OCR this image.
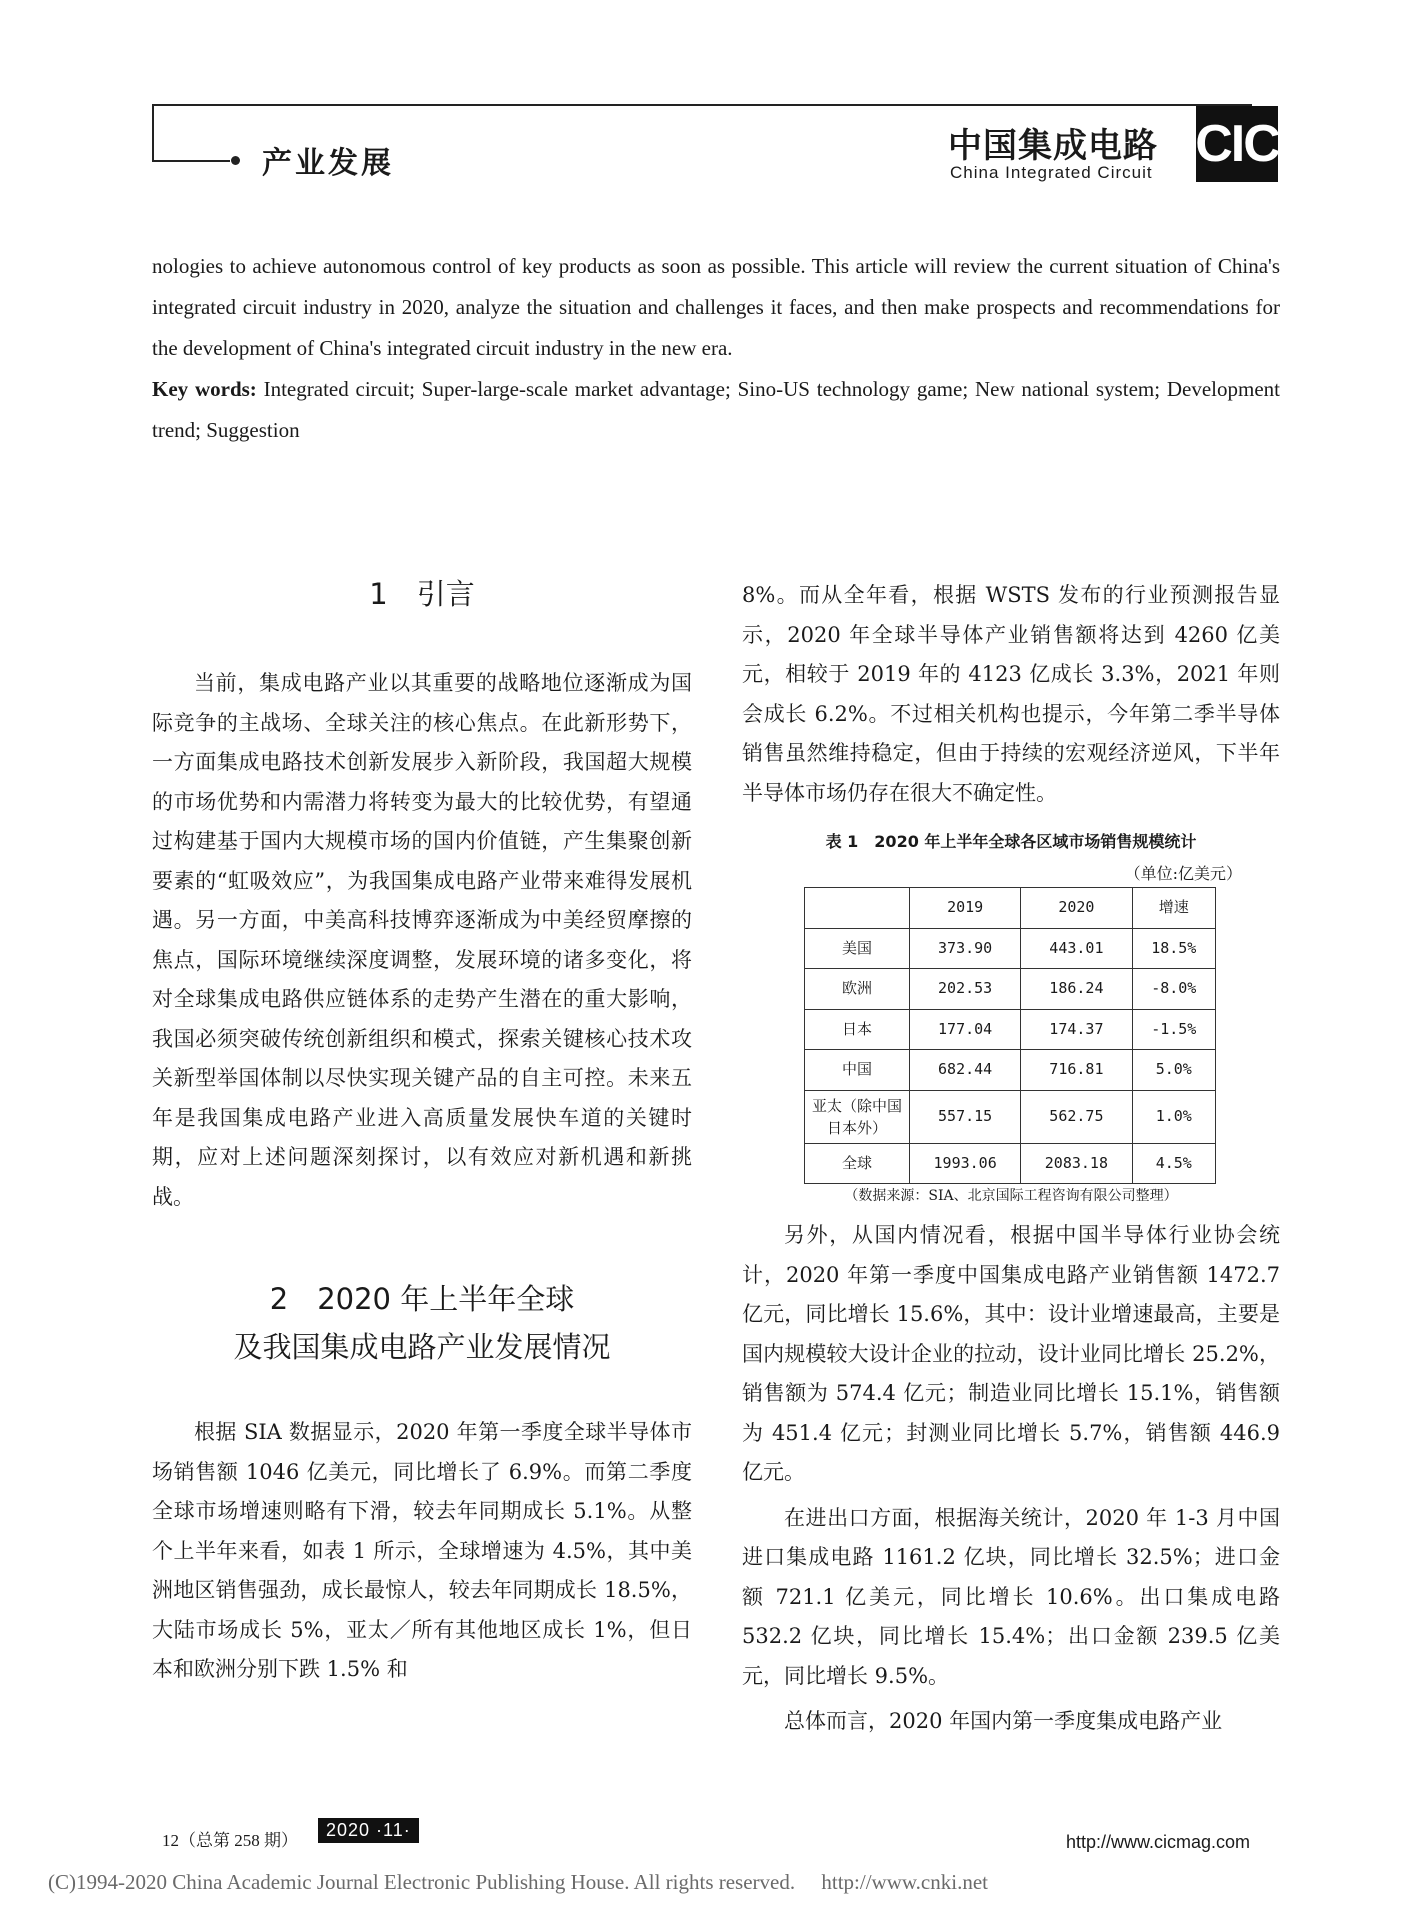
产业发展	中国集成电路
China Integrated Circuit CIC

nologies to achieve autonomous control of key products as soon as possible. This article will review the current situation of China's integrated circuit industry in 2020, analyze the situation and challenges it faces, and then make prospects and recommendations for the development of China's integrated circuit industry in the new era.

Key words: Integrated circuit; Super-large-scale market advantage; Sino-US technology game; New national system; Development trend; Suggestion

1　引言

当前，集成电路产业以其重要的战略地位逐渐成为国际竞争的主战场、全球关注的核心焦点。在此新形势下，一方面集成电路技术创新发展步入新阶段，我国超大规模的市场优势和内需潜力将转变为最大的比较优势，有望通过构建基于国内大规模市场的国内价值链，产生集聚创新要素的“虹吸效应”，为我国集成电路产业带来难得发展机遇。另一方面，中美高科技博弈逐渐成为中美经贸摩擦的焦点，国际环境继续深度调整，发展环境的诸多变化，将对全球集成电路供应链体系的走势产生潜在的重大影响，我国必须突破传统创新组织和模式，探索关键核心技术攻关新型举国体制以尽快实现关键产品的自主可控。未来五年是我国集成电路产业进入高质量发展快车道的关键时期，应对上述问题深刻探讨，以有效应对新机遇和新挑战。

2　2020 年上半年全球

及我国集成电路产业发展情况

根据 SIA 数据显示，2020 年第一季度全球半导体市场销售额 1046 亿美元，同比增长了 6.9%。而第二季度全球市场增速则略有下滑，较去年同期成长 5.1%。从整个上半年来看，如表 1 所示，全球增速为 4.5%，其中美洲地区销售强劲，成长最惊人，较去年同期成长 18.5%，大陆市场成长 5%，亚太／所有其他地区成长 1%，但日本和欧洲分别下跌 1.5% 和

8%。而从全年看，根据 WSTS 发布的行业预测报告显示，2020 年全球半导体产业销售额将达到 4260 亿美元，相较于 2019 年的 4123 亿成长 3.3%，2021 年则会成长 6.2%。不过相关机构也提示，今年第二季半导体销售虽然维持稳定，但由于持续的宏观经济逆风，下半年半导体市场仍存在很大不确定性。

表 1　2020 年上半年全球各区域市场销售规模统计
（单位:亿美元）
	2019	2020	增速
美国	373.90	443.01	18.5%
欧洲	202.53	186.24	-8.0%
日本	177.04	174.37	-1.5%
中国	682.44	716.81	5.0%
亚太（除中国日本外）	557.15	562.75	1.0%
全球	1993.06	2083.18	4.5%
（数据来源：SIA、北京国际工程咨询有限公司整理）

另外，从国内情况看，根据中国半导体行业协会统计，2020 年第一季度中国集成电路产业销售额 1472.7 亿元，同比增长 15.6%，其中：设计业增速最高，主要是国内规模较大设计企业的拉动，设计业同比增长 25.2%，销售额为 574.4 亿元；制造业同比增长 15.1%，销售额为 451.4 亿元；封测业同比增长 5.7%，销售额 446.9 亿元。

在进出口方面，根据海关统计，2020 年 1-3 月中国进口集成电路 1161.2 亿块，同比增长 32.5%；进口金额 721.1 亿美元，同比增长 10.6%。出口集成电路 532.2 亿块，同比增长 15.4%；出口金额 239.5 亿美元，同比增长 9.5%。

总体而言，2020 年国内第一季度集成电路产业

12（总第 258 期）
2020 ·11·
http://www.cicmag.com
(C)1994-2020 China Academic Journal Electronic Publishing House. All rights reserved.　 http://www.cnki.net
